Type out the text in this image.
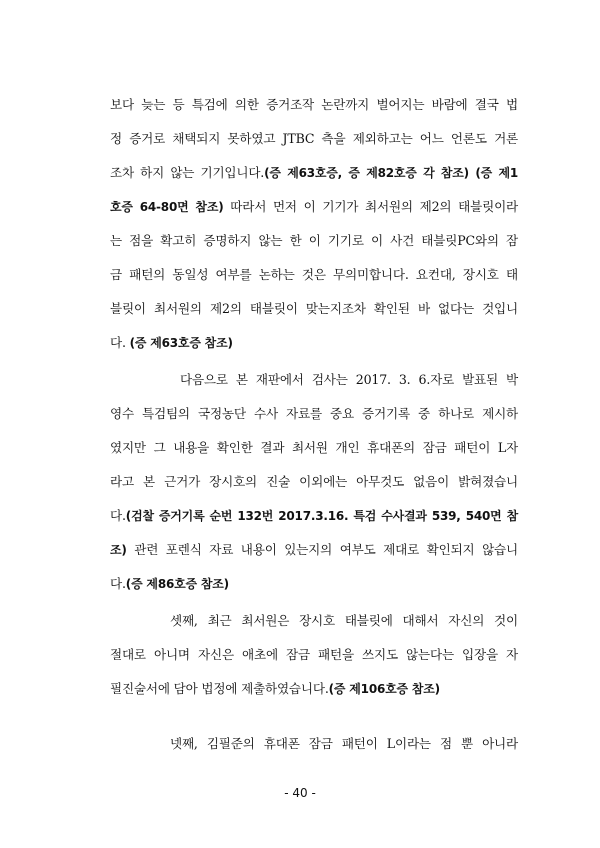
보다 늦는 등 특검에 의한 증거조작 논란까지 벌어지는 바람에 결국 법
정 증거로 채택되지 못하였고 JTBC 측을 제외하고는 어느 언론도 거론
조차 하지 않는 기기입니다.(증 제63호증, 증 제82호증 각 참조) (증 제1
호증 64-80면 참조) 따라서 먼저 이 기기가 최서원의 제2의 태블릿이라
는 점을 확고히 증명하지 않는 한 이 기기로 이 사건 태블릿PC와의 잠
금 패턴의 동일성 여부를 논하는 것은 무의미합니다. 요컨대, 장시호 태
블릿이 최서원의 제2의 태블릿이 맞는지조차 확인된 바 없다는 것입니
다. (증 제63호증 참조)
다음으로 본 재판에서 검사는 2017. 3. 6.자로 발표된 박
영수 특검팀의 국정농단 수사 자료를 중요 증거기록 중 하나로 제시하
였지만 그 내용을 확인한 결과 최서원 개인 휴대폰의 잠금 패턴이 L자
라고 본 근거가 장시호의 진술 이외에는 아무것도 없음이 밝혀졌습니
다.(검찰 증거기록 순번 132번 2017.3.16. 특검 수사결과 539, 540면 참
조) 관련 포렌식 자료 내용이 있는지의 여부도 제대로 확인되지 않습니
다.(증 제86호증 참조)
셋째, 최근 최서원은 장시호 태블릿에 대해서 자신의 것이
절대로 아니며 자신은 애초에 잠금 패턴을 쓰지도 않는다는 입장을 자
필진술서에 담아 법정에 제출하였습니다.(증 제106호증 참조)
넷째, 김필준의 휴대폰 잠금 패턴이 L이라는 점 뿐 아니라
- 40 -
